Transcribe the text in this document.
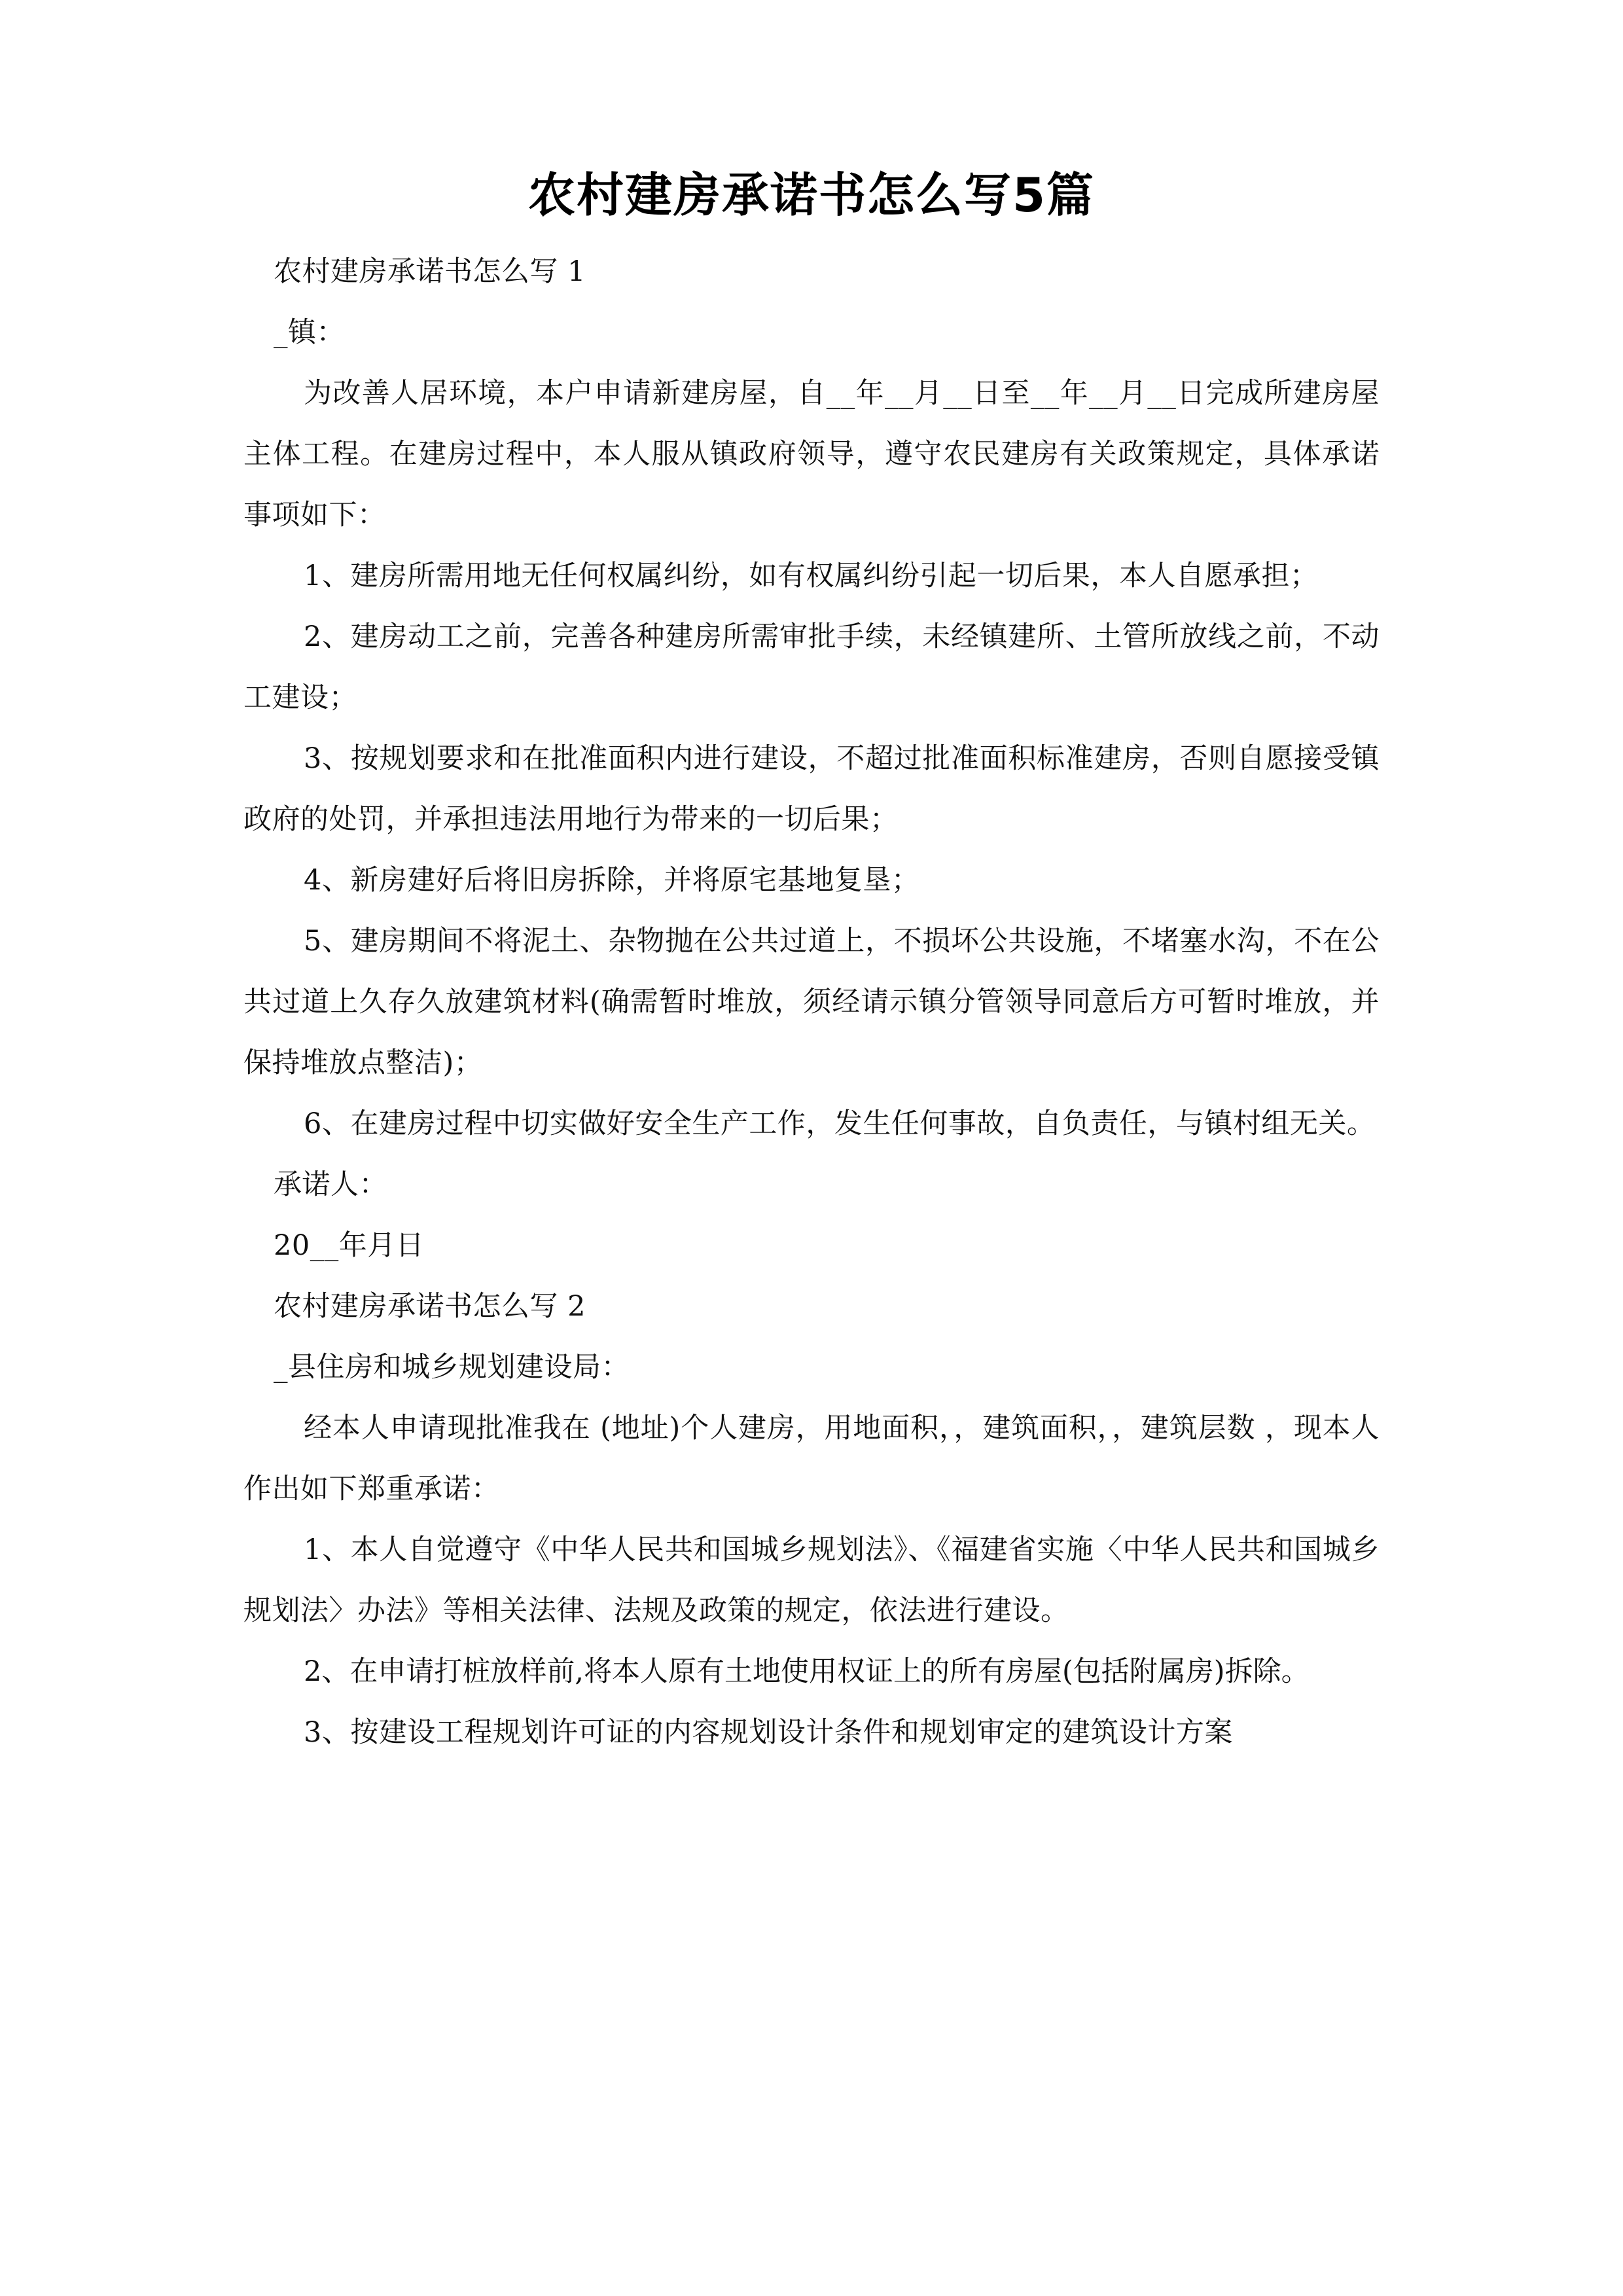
农村建房承诺书怎么写5篇

农村建房承诺书怎么写 1

_镇：

为改善人居环境，本户申请新建房屋，自__年__月__日至__年__月__日完成所建房屋主体工程。在建房过程中，本人服从镇政府领导，遵守农民建房有关政策规定，具体承诺事项如下：

1、建房所需用地无任何权属纠纷，如有权属纠纷引起一切后果，本人自愿承担；

2、建房动工之前，完善各种建房所需审批手续，未经镇建所、土管所放线之前，不动工建设；

3、按规划要求和在批准面积内进行建设，不超过批准面积标准建房，否则自愿接受镇政府的处罚，并承担违法用地行为带来的一切后果；

4、新房建好后将旧房拆除，并将原宅基地复垦；

5、建房期间不将泥土、杂物抛在公共过道上，不损坏公共设施，不堵塞水沟，不在公共过道上久存久放建筑材料(确需暂时堆放，须经请示镇分管领导同意后方可暂时堆放，并保持堆放点整洁)；

6、在建房过程中切实做好安全生产工作，发生任何事故，自负责任，与镇村组无关。

承诺人：

20__年月日

农村建房承诺书怎么写 2

_县住房和城乡规划建设局：

经本人申请现批准我在 (地址)个人建房，用地面积，，建筑面积，，建筑层数 ，现本人作出如下郑重承诺：

1、本人自觉遵守《中华人民共和国城乡规划法》、《福建省实施〈中华人民共和国城乡规划法〉办法》等相关法律、法规及政策的规定，依法进行建设。

2、在申请打桩放样前,将本人原有土地使用权证上的所有房屋(包括附属房)拆除。

3、按建设工程规划许可证的内容规划设计条件和规划审定的建筑设计方案
